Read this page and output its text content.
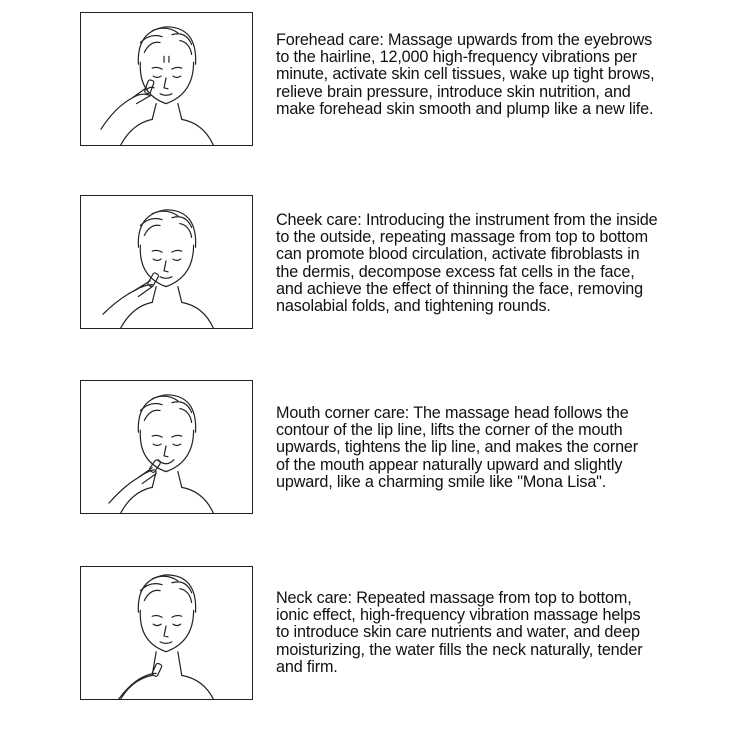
Forehead care: Massage upwards from the eyebrows
to the hairline, 12,000 high-frequency vibrations per
minute, activate skin cell tissues, wake up tight brows,
relieve brain pressure, introduce skin nutrition, and
make forehead skin smooth and plump like a new life.

Cheek care: Introducing the instrument from the inside
to the outside, repeating massage from top to bottom
can promote blood circulation, activate fibroblasts in
the dermis, decompose excess fat cells in the face,
and achieve the effect of thinning the face, removing
nasolabial folds, and tightening rounds.

Mouth corner care: The massage head follows the
contour of the lip line, lifts the corner of the mouth
upwards, tightens the lip line, and makes the corner
of the mouth appear naturally upward and slightly
upward, like a charming smile like "Mona Lisa".

Neck care: Repeated massage from top to bottom,
ionic effect, high-frequency vibration massage helps
to introduce skin care nutrients and water, and deep
moisturizing, the water fills the neck naturally, tender
and firm.
